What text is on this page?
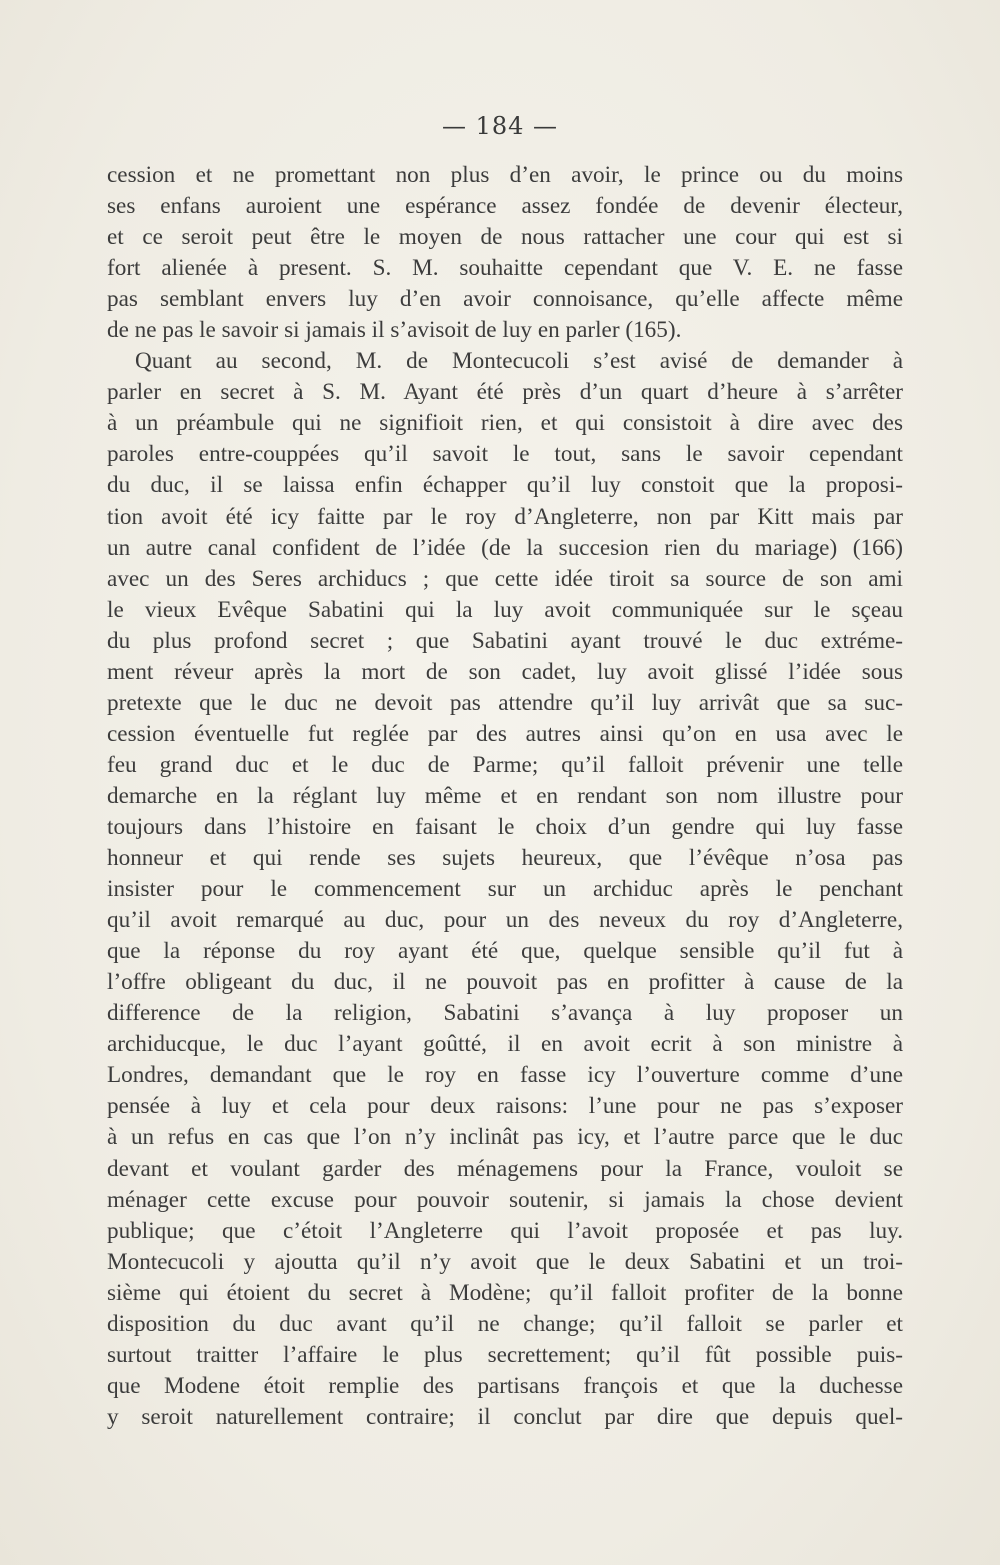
— 184 —
cession et ne promettant non plus d’en avoir, le prince ou du moins
ses enfans auroient une espérance assez fondée de devenir électeur,
et ce seroit peut être le moyen de nous rattacher une cour qui est si
fort alienée à present. S. M. souhaitte cependant que V. E. ne fasse
pas semblant envers luy d’en avoir connoisance, qu’elle affecte même
de ne pas le savoir si jamais il s’avisoit de luy en parler (165).
Quant au second, M. de Montecucoli s’est avisé de demander à
parler en secret à S. M. Ayant été près d’un quart d’heure à s’arrêter
à un préambule qui ne signifioit rien, et qui consistoit à dire avec des
paroles entre-couppées qu’il savoit le tout, sans le savoir cependant
du duc, il se laissa enfin échapper qu’il luy constoit que la proposi-
tion avoit été icy faitte par le roy d’Angleterre, non par Kitt mais par
un autre canal confident de l’idée (de la succesion rien du mariage) (166)
avec un des Seres archiducs ; que cette idée tiroit sa source de son ami
le vieux Evêque Sabatini qui la luy avoit communiquée sur le sçeau
du plus profond secret ; que Sabatini ayant trouvé le duc extréme-
ment réveur après la mort de son cadet, luy avoit glissé l’idée sous
pretexte que le duc ne devoit pas attendre qu’il luy arrivât que sa suc-
cession éventuelle fut reglée par des autres ainsi qu’on en usa avec le
feu grand duc et le duc de Parme; qu’il falloit prévenir une telle
demarche en la réglant luy même et en rendant son nom illustre pour
toujours dans l’histoire en faisant le choix d’un gendre qui luy fasse
honneur et qui rende ses sujets heureux, que l’évêque n’osa pas
insister pour le commencement sur un archiduc après le penchant
qu’il avoit remarqué au duc, pour un des neveux du roy d’Angleterre,
que la réponse du roy ayant été que, quelque sensible qu’il fut à
l’offre obligeant du duc, il ne pouvoit pas en profitter à cause de la
difference de la religion, Sabatini s’avança à luy proposer un
archiducque, le duc l’ayant goûtté, il en avoit ecrit à son ministre à
Londres, demandant que le roy en fasse icy l’ouverture comme d’une
pensée à luy et cela pour deux raisons: l’une pour ne pas s’exposer
à un refus en cas que l’on n’y inclinât pas icy, et l’autre parce que le duc
devant et voulant garder des ménagemens pour la France, vouloit se
ménager cette excuse pour pouvoir soutenir, si jamais la chose devient
publique; que c’étoit l’Angleterre qui l’avoit proposée et pas luy.
Montecucoli y ajoutta qu’il n’y avoit que le deux Sabatini et un troi-
sième qui étoient du secret à Modène; qu’il falloit profiter de la bonne
disposition du duc avant qu’il ne change; qu’il falloit se parler et
surtout traitter l’affaire le plus secrettement; qu’il fût possible puis-
que Modene étoit remplie des partisans françois et que la duchesse
y seroit naturellement contraire; il conclut par dire que depuis quel-
